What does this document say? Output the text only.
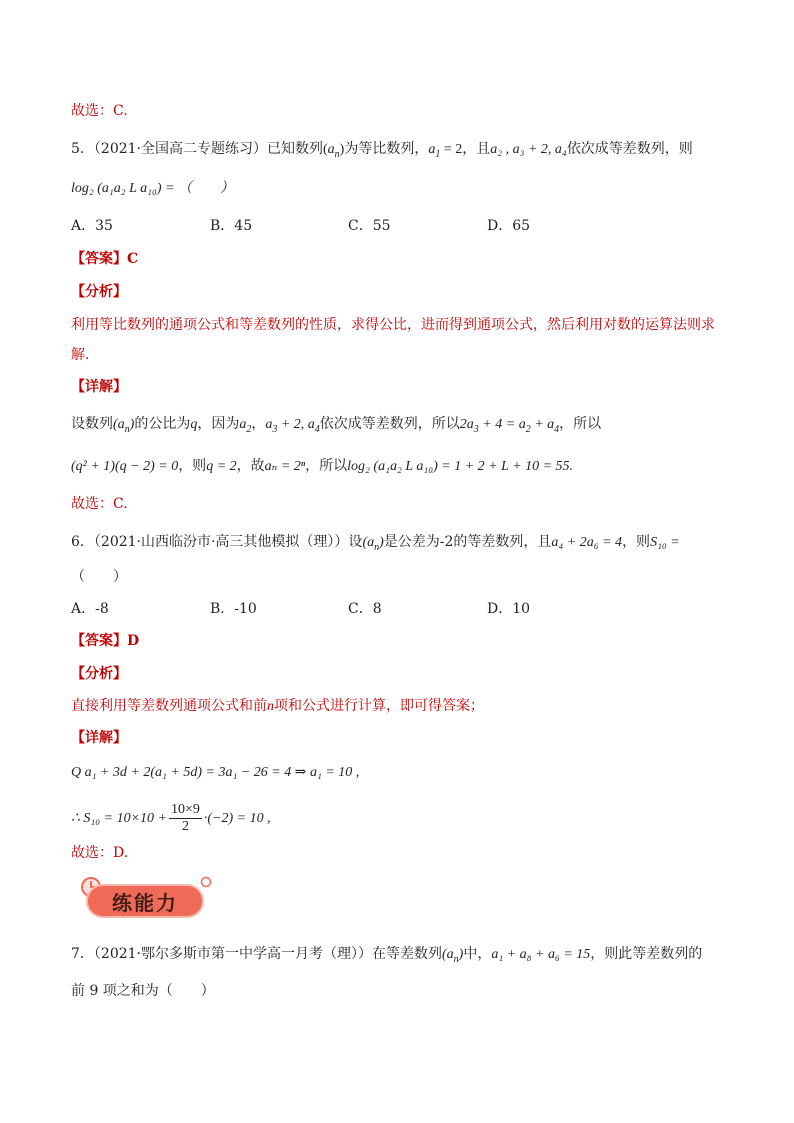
故选：C.
5．（2021·全国高二专题练习）已知数列$(a_n)$为等比数列，$a_1 = 2$，且a₂ , a₃ + 2, a₄依次成等差数列，则
log₂ (a₁a₂ L a₁₀) = （　　）
A．35	B．45	C．55	D．65
【答案】C
【分析】
利用等比数列的通项公式和等差数列的性质，求得公比，进而得到通项公式，然后利用对数的运算法则求
解.
【详解】
设数列$(a_n)$的公比为q，因为$a_2$，$a_3 + 2$, $a_4$依次成等差数列，所以$2a_3 + 4 = a_2 + a_4$，所以
(q² + 1)(q − 2) = 0，则q = 2，故aₙ = 2ⁿ，所以log₂ (a₁a₂ L a₁₀) = 1 + 2 + L + 10 = 55.
故选：C.
6．（2021·山西临汾市·高三其他模拟（理））设$(a_n)$是公差为-2的等差数列，且a₄ + 2a₆ = 4，则S₁₀ =
（　　）
A．-8	B．-10	C．8	D．10
【答案】D
【分析】
直接利用等差数列通项公式和前n项和公式进行计算，即可得答案；
【详解】
Q a₁ + 3d + 2(a₁ + 5d) = 3a₁ − 26 = 4 ⇒ a₁ = 10 ,
∴ $S_{10} = 10\times 10 + \frac{10\times 9}{2} \cdot(-2) = 10$ ,
故选：D.
练能力
7．（2021·鄂尔多斯市第一中学高一月考（理））在等差数列$(a_n)$中，a₁ + a₈ + a₆ = 15，则此等差数列的
前 9 项之和为（　　）
